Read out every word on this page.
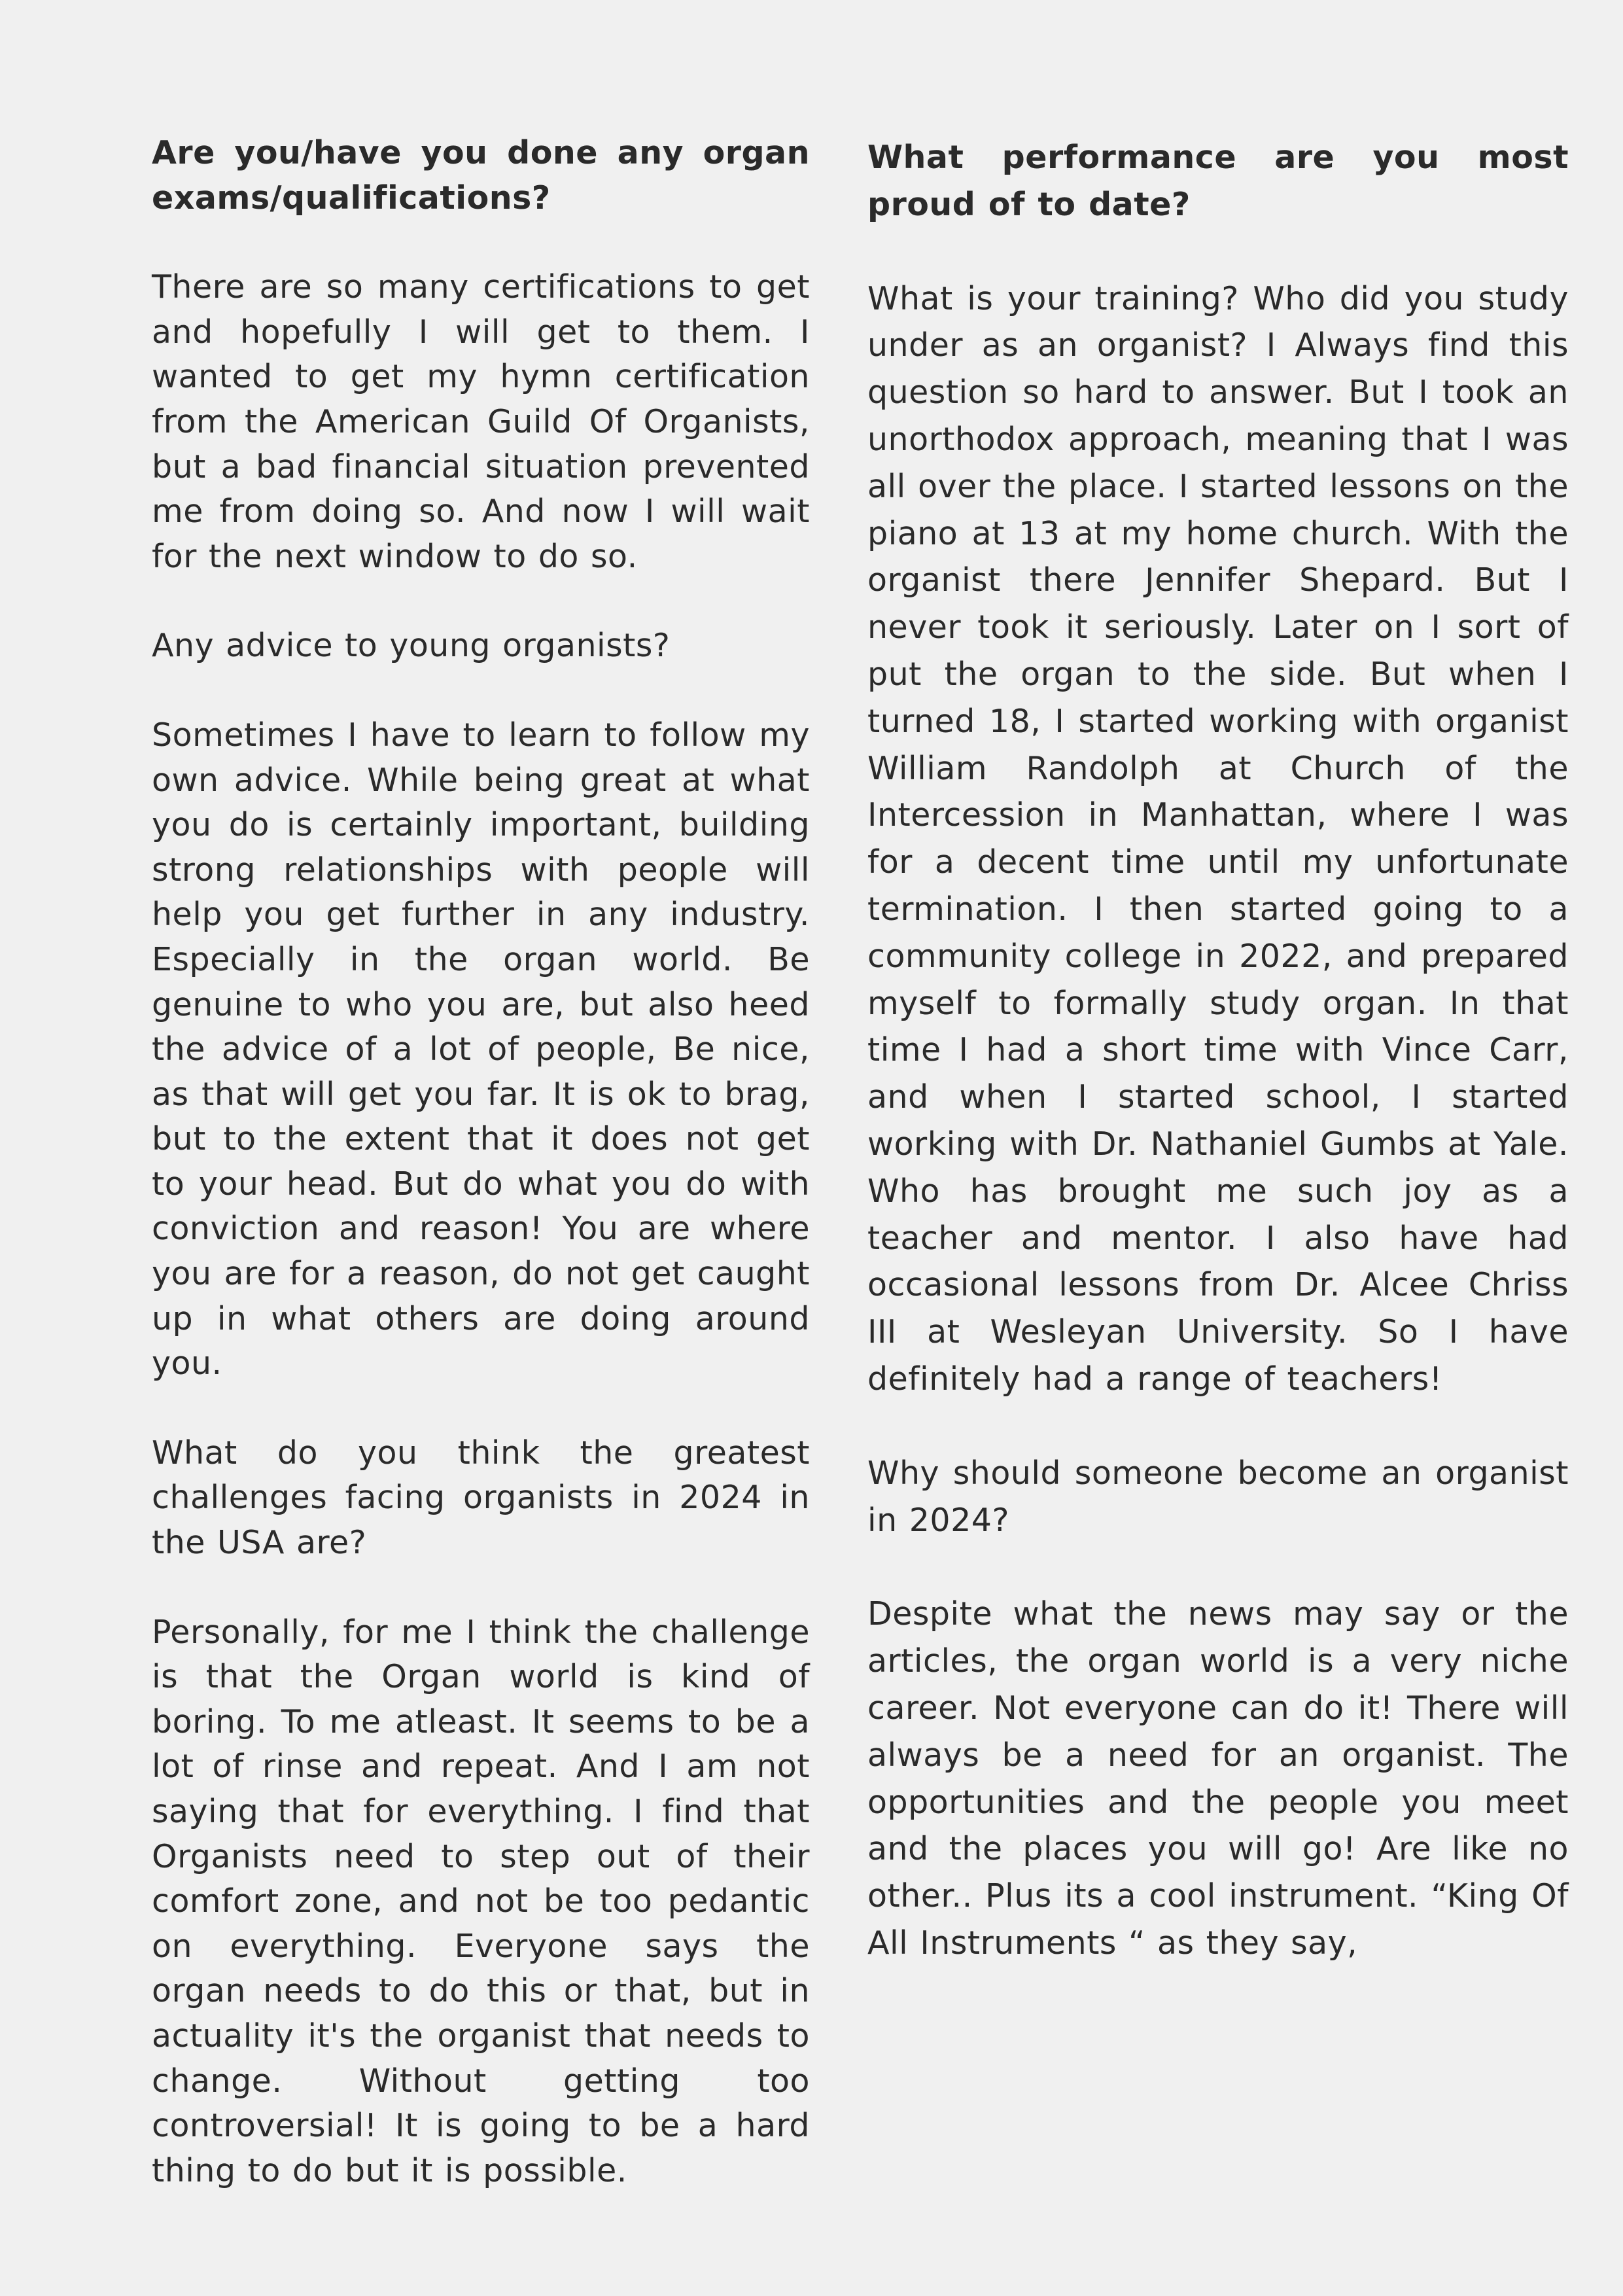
Are you/have you done any organ exams/qualifications?

There are so many certifications to get and hopefully I will get to them. I wanted to get my hymn certification from the American Guild Of Organists, but a bad financial situation prevented me from doing so. And now I will wait for the next window to do so.

Any advice to young organists?

Sometimes I have to learn to follow my own advice. While being great at what you do is certainly important, building strong relationships with people will help you get further in any industry. Especially in the organ world. Be genuine to who you are, but also heed the advice of a lot of people, Be nice, as that will get you far. It is ok to brag, but to the extent that it does not get to your head. But do what you do with conviction and reason! You are where you are for a reason, do not get caught up in what others are doing around you.

What do you think the greatest challenges facing organists in 2024 in the USA are?

Personally, for me I think the challenge is that the Organ world is kind of boring. To me atleast. It seems to be a lot of rinse and repeat. And I am not saying that for everything. I find that Organists need to step out of their comfort zone, and not be too pedantic on everything. Everyone says the organ needs to do this or that, but in actuality it's the organist that needs to change. Without getting too controversial! It is going to be a hard thing to do but it is possible.

What performance are you most proud of to date?

What is your training? Who did you study under as an organist? I Always find this question so hard to answer. But I took an unorthodox approach, meaning that I was all over the place. I started lessons on the piano at 13 at my home church. With the organist there Jennifer Shepard. But I never took it seriously. Later on I sort of put the organ to the side. But when I turned 18, I started working with organist William Randolph at Church of the Intercession in Manhattan, where I was for a decent time until my unfortunate termination. I then started going to a community college in 2022, and prepared myself to formally study organ. In that time I had a short time with Vince Carr, and when I started school, I started working with Dr. Nathaniel Gumbs at Yale. Who has brought me such joy as a teacher and mentor. I also have had occasional lessons from Dr. Alcee Chriss III at Wesleyan University. So I have definitely had a range of teachers!

Why should someone become an organist in 2024?

Despite what the news may say or the articles, the organ world is a very niche career. Not everyone can do it! There will always be a need for an organist. The opportunities and the people you meet and the places you will go! Are like no other.. Plus its a cool instrument. “King Of All Instruments “ as they say,
